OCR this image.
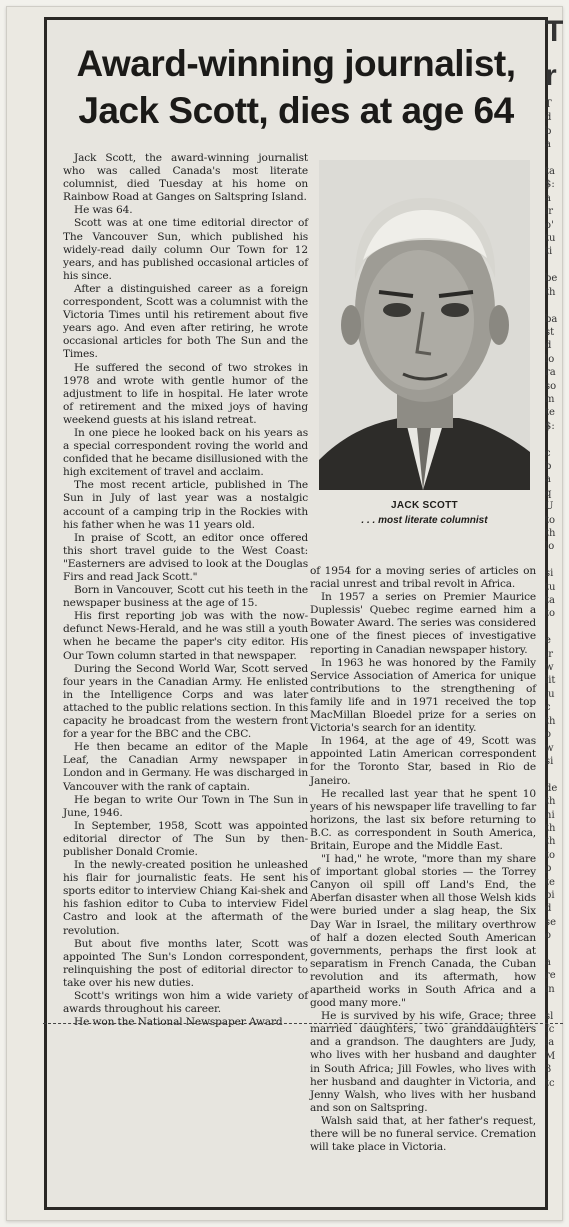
Award-winning journalist,
Jack Scott, dies at age 64

Jack Scott, the award-winning journalist who was called Canada's most literate columnist, died Tuesday at his home on Rainbow Road at Ganges on Saltspring Island.

He was 64.

Scott was at one time editorial director of The Vancouver Sun, which published his widely-read daily column Our Town for 12 years, and has published occasional articles of his since.

After a distinguished career as a foreign correspondent, Scott was a columnist with the Victoria Times until his retirement about five years ago. And even after retiring, he wrote occasional articles for both The Sun and the Times.

He suffered the second of two strokes in 1978 and wrote with gentle humor of the adjustment to life in hospital. He later wrote of retirement and the mixed joys of having weekend guests at his island retreat.

In one piece he looked back on his years as a special correspondent roving the world and confided that he became disillusioned with the high excitement of travel and acclaim.

The most recent article, published in The Sun in July of last year was a nostalgic account of a camping trip in the Rockies with his father when he was 11 years old.

In praise of Scott, an editor once offered this short travel guide to the West Coast: "Easterners are advised to look at the Douglas Firs and read Jack Scott."

Born in Vancouver, Scott cut his teeth in the newspaper business at the age of 15.

His first reporting job was with the now-defunct News-Herald, and he was still a youth when he became the paper's city editor. His Our Town column started in that newspaper.

During the Second World War, Scott served four years in the Canadian Army. He enlisted in the Intelligence Corps and was later attached to the public relations section. In this capacity he broadcast from the western front for a year for the BBC and the CBC.

He then became an editor of the Maple Leaf, the Canadian Army newspaper in London and in Germany. He was discharged in Vancouver with the rank of captain.

He began to write Our Town in The Sun in June, 1946.

In September, 1958, Scott was appointed editorial director of The Sun by then- publisher Donald Cromie.

In the newly-created position he unleashed his flair for journalistic feats. He sent his sports editor to interview Chiang Kai-shek and his fashion editor to Cuba to interview Fidel Castro and look at the aftermath of the revolution.

But about five months later, Scott was appointed The Sun's London correspondent, relinquishing the post of editorial director to take over his new duties.

Scott's writings won him a wide variety of awards throughout his career.

He won the National Newspaper Award

JACK SCOTT
. . . most literate columnist

of 1954 for a moving series of articles on racial unrest and tribal revolt in Africa.

In 1957 a series on Premier Maurice Duplessis' Quebec regime earned him a Bowater Award. The series was considered one of the finest pieces of investigative reporting in Canadian newspaper history.

In 1963 he was honored by the Family Service Association of America for unique contributions to the strengthening of family life and in 1971 received the top MacMillan Bloedel prize for a series on Victoria's search for an identity.

In 1964, at the age of 49, Scott was appointed Latin American correspondent for the Toronto Star, based in Rio de Janeiro.

He recalled last year that he spent 10 years of his newspaper life travelling to far horizons, the last six before returning to B.C. as correspondent in South America, Britain, Europe and the Middle East.

"I had," he wrote, "more than my share of important global stories — the Torrey Canyon oil spill off Land's End, the Aberfan disaster when all those Welsh kids were buried under a slag heap, the Six Day War in Israel, the military overthrow of half a dozen elected South American governments, perhaps the first look at separatism in French Canada, the Cuban revolution and its aftermath, how apartheid works in South Africa and a good many more."

He is survived by his wife, Grace; three married daughters, two granddaughters and a grandson. The daughters are Judy, who lives with her husband and daughter in South Africa; Jill Fowles, who lives with her husband and daughter in Victoria, and Jenny Walsh, who lives with her husband and son on Saltspring.

Walsh said that, at her father's request, there will be no funeral service. Cremation will take place in Victoria.

T
r
T
d
b
a

ta
$:
a
ir
o'
tu
ti

be
th

ba
st
d
lo
ra
so
m
te
$:

c
b
a
q
U
to
th
lo

si
tu
ta
to

e
ir
w
lit
ju
c
th
o
w
si

de
th
hi
th
th
to
p
te
bi
d
se
o

a
re
in

sl
fc
la
M
3
tc
